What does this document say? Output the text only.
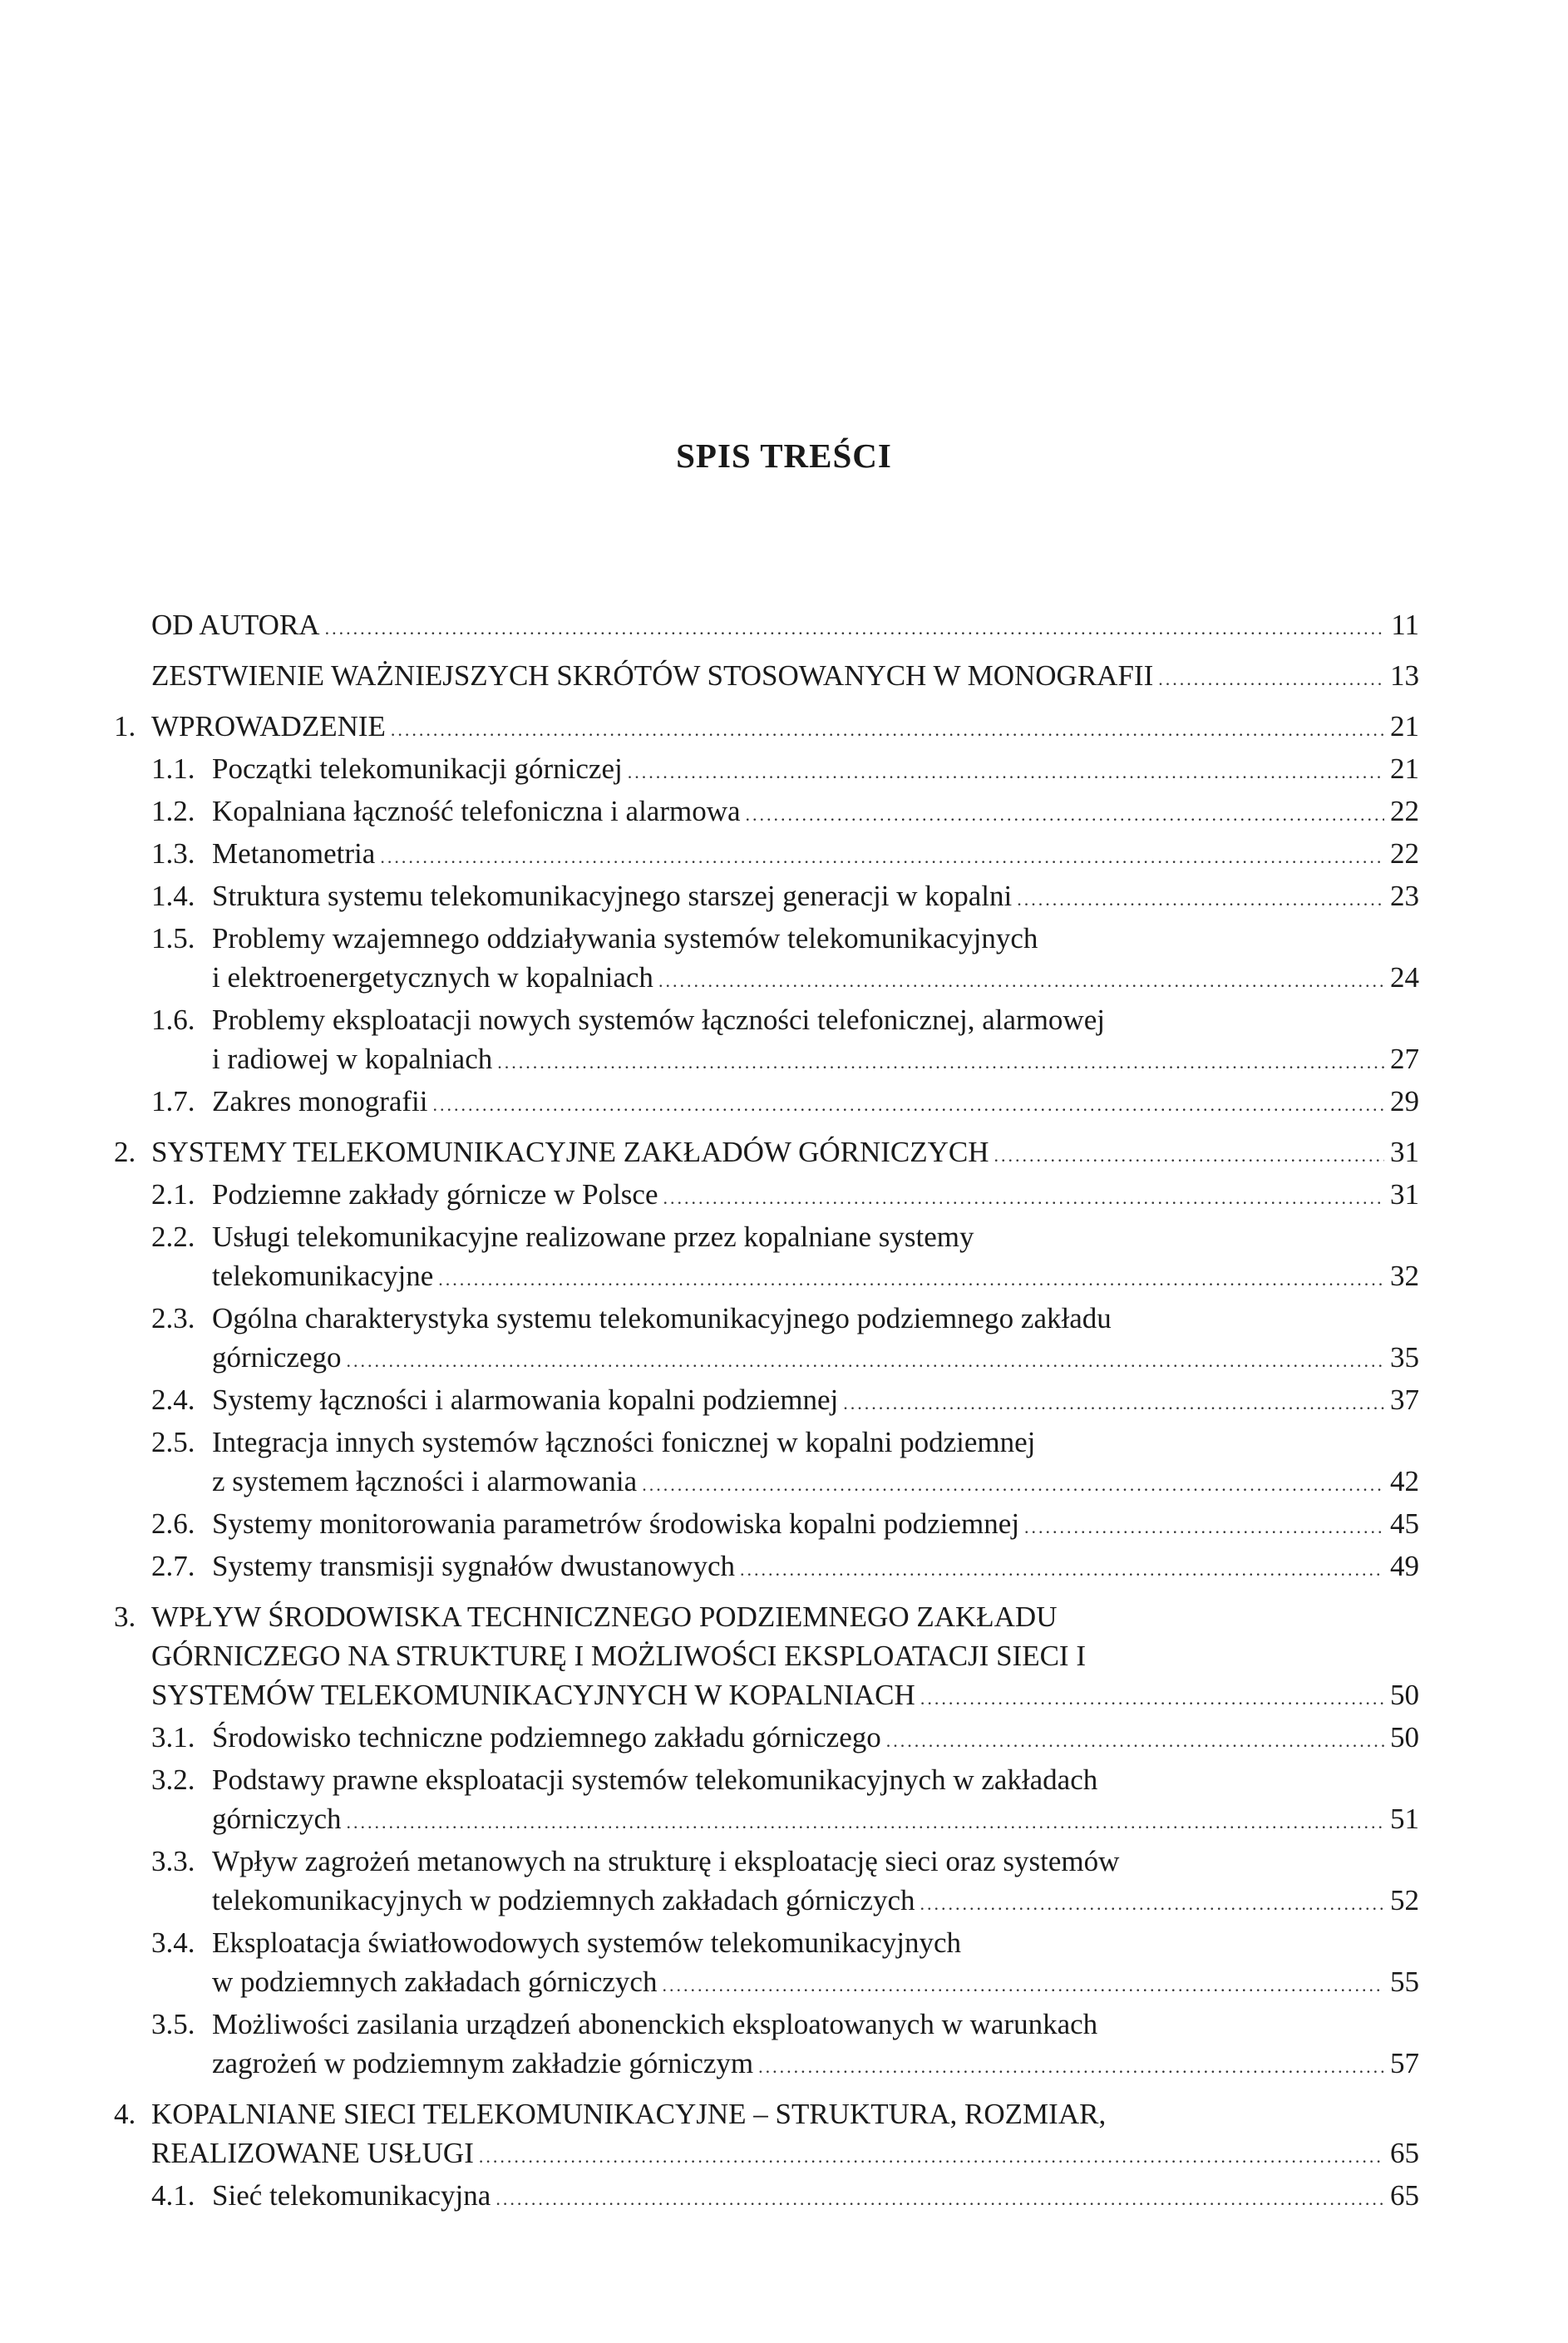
SPIS TREŚCI
OD AUTORA .....	11
ZESTWIENIE WAŻNIEJSZYCH SKRÓTÓW STOSOWANYCH W MONOGRAFII .....	13
1. WPROWADZENIE .....	21
1.1. Początki telekomunikacji górniczej .....	21
1.2. Kopalniana łączność telefoniczna i alarmowa .....	22
1.3. Metanometria .....	22
1.4. Struktura systemu telekomunikacyjnego starszej generacji w kopalni .....	23
1.5. Problemy wzajemnego oddziaływania systemów telekomunikacyjnych
i elektroenergetycznych w kopalniach .....	24
1.6. Problemy eksploatacji nowych systemów łączności telefonicznej, alarmowej
i radiowej w kopalniach .....	27
1.7. Zakres monografii .....	29
2. SYSTEMY TELEKOMUNIKACYJNE ZAKŁADÓW GÓRNICZYCH .....	31
2.1. Podziemne zakłady górnicze w Polsce .....	31
2.2. Usługi telekomunikacyjne realizowane przez kopalniane systemy
telekomunikacyjne .....	32
2.3. Ogólna charakterystyka systemu telekomunikacyjnego podziemnego zakładu
górniczego .....	35
2.4. Systemy łączności i alarmowania kopalni podziemnej .....	37
2.5. Integracja innych systemów łączności fonicznej w kopalni podziemnej
z systemem łączności i alarmowania .....	42
2.6. Systemy monitorowania parametrów środowiska kopalni podziemnej .....	45
2.7. Systemy transmisji sygnałów dwustanowych .....	49
3. WPŁYW ŚRODOWISKA TECHNICZNEGO PODZIEMNEGO ZAKŁADU
GÓRNICZEGO NA STRUKTURĘ I MOŻLIWOŚCI EKSPLOATACJI SIECI I
SYSTEMÓW TELEKOMUNIKACYJNYCH W KOPALNIACH .....	50
3.1. Środowisko techniczne podziemnego zakładu górniczego .....	50
3.2. Podstawy prawne eksploatacji systemów telekomunikacyjnych w zakładach
górniczych .....	51
3.3. Wpływ zagrożeń metanowych na strukturę i eksploatację sieci oraz systemów
telekomunikacyjnych w podziemnych zakładach górniczych .....	52
3.4. Eksploatacja światłowodowych systemów telekomunikacyjnych
w podziemnych zakładach górniczych .....	55
3.5. Możliwości zasilania urządzeń abonenckich eksploatowanych w warunkach
zagrożeń w podziemnym zakładzie górniczym .....	57
4. KOPALNIANE SIECI TELEKOMUNIKACYJNE – STRUKTURA, ROZMIAR,
REALIZOWANE USŁUGI .....	65
4.1. Sieć telekomunikacyjna .....	65
